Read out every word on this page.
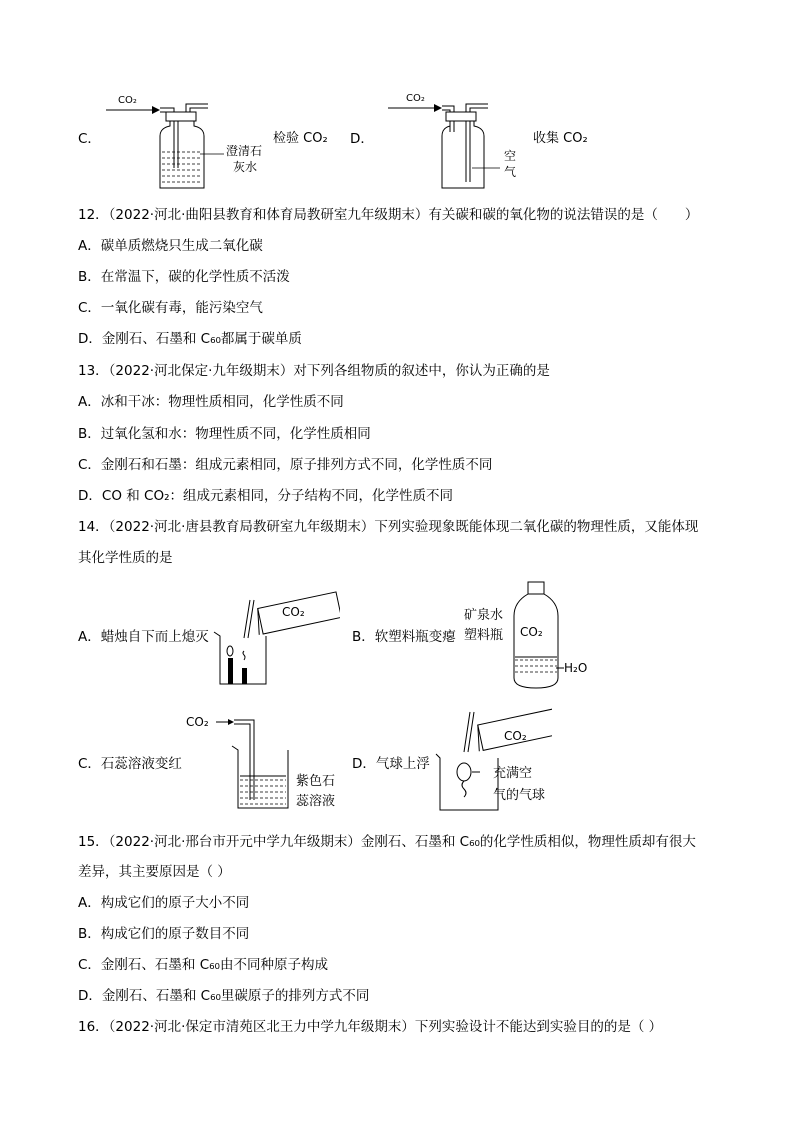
C．
CO₂
澄清石
灰水
检验 CO₂ D．
CO₂
空
气
收集 CO₂
12．（2022·河北·曲阳县教育和体育局教研室九年级期末）有关碳和碳的氧化物的说法错误的是（　　）
A．碳单质燃烧只生成二氧化碳
B．在常温下，碳的化学性质不活泼
C．一氧化碳有毒，能污染空气
D．金刚石、石墨和 C₆₀都属于碳单质
13．（2022·河北保定·九年级期末）对下列各组物质的叙述中，你认为正确的是
A．冰和干冰：物理性质相同，化学性质不同
B．过氧化氢和水：物理性质不同，化学性质相同
C．金刚石和石墨：组成元素相同，原子排列方式不同，化学性质不同
D．CO 和 CO₂：组成元素相同，分子结构不同，化学性质不同
14．（2022·河北·唐县教育局教研室九年级期末）下列实验现象既能体现二氧化碳的物理性质，又能体现
其化学性质的是
A．蜡烛自下而上熄灭
CO₂
B．软塑料瓶变瘪
矿泉水
塑料瓶 CO₂
H₂O
C．石蕊溶液变红
CO₂
紫色石
蕊溶液
D．气球上浮
CO₂
充满空
气的气球
15．（2022·河北·邢台市开元中学九年级期末）金刚石、石墨和 C₆₀的化学性质相似，物理性质却有很大
差异，其主要原因是（ ）
A．构成它们的原子大小不同
B．构成它们的原子数目不同
C．金刚石、石墨和 C₆₀由不同种原子构成
D．金刚石、石墨和 C₆₀里碳原子的排列方式不同
16．（2022·河北·保定市清苑区北王力中学九年级期末）下列实验设计不能达到实验目的的是（ ）
